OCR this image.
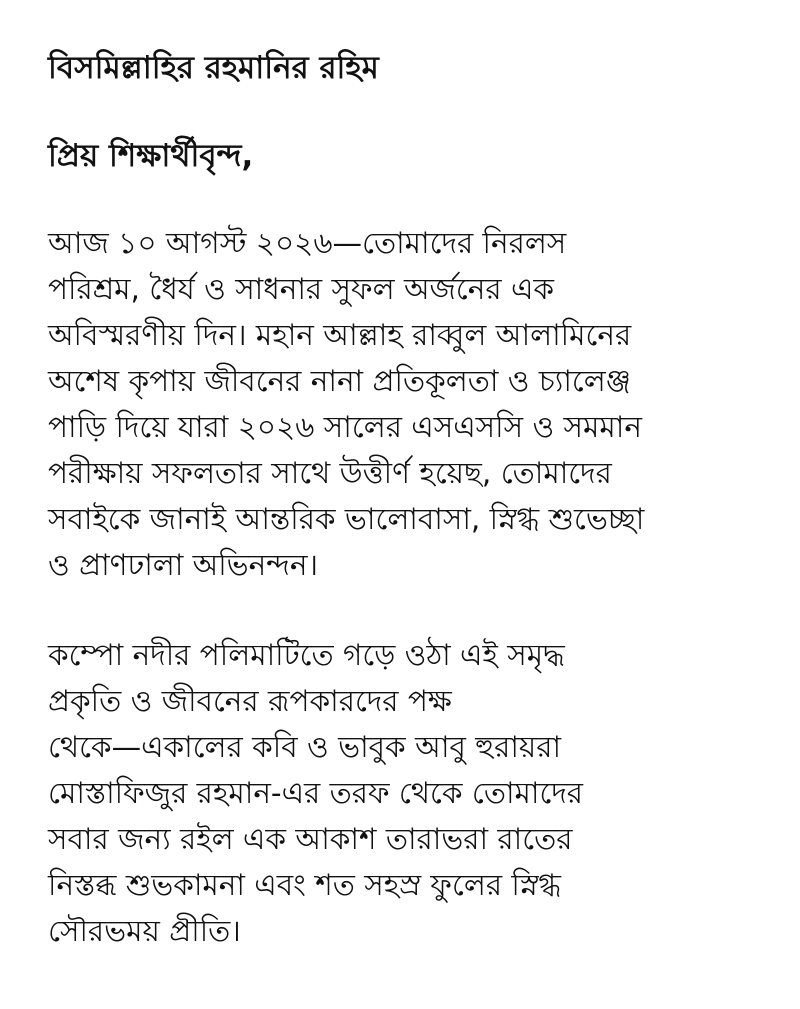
বিসমিল্লাহির রহমানির রহিম
প্রিয় শিক্ষার্থীবৃন্দ,

আজ ১০ আগস্ট ২০২৬—তোমাদের নিরলস
পরিশ্রম, ধৈর্য ও সাধনার সুফল অর্জনের এক
অবিস্মরণীয় দিন। মহান আল্লাহ রাব্বুল আলামিনের
অশেষ কৃপায় জীবনের নানা প্রতিকূলতা ও চ্যালেঞ্জ
পাড়ি দিয়ে যারা ২০২৬ সালের এসএসসি ও সমমান
পরীক্ষায় সফলতার সাথে উত্তীর্ণ হয়েছ, তোমাদের
সবাইকে জানাই আন্তরিক ভালোবাসা, স্নিগ্ধ শুভেচ্ছা
ও প্রাণঢালা অভিনন্দন।

কম্পো নদীর পলিমাটিতে গড়ে ওঠা এই সমৃদ্ধ
প্রকৃতি ও জীবনের রূপকারদের পক্ষ
থেকে—একালের কবি ও ভাবুক আবু হুরায়রা
মোস্তাফিজুর রহমান-এর তরফ থেকে তোমাদের
সবার জন্য রইল এক আকাশ তারাভরা রাতের
নিস্তব্ধ শুভকামনা এবং শত সহস্র ফুলের স্নিগ্ধ
সৌরভময় প্রীতি।
